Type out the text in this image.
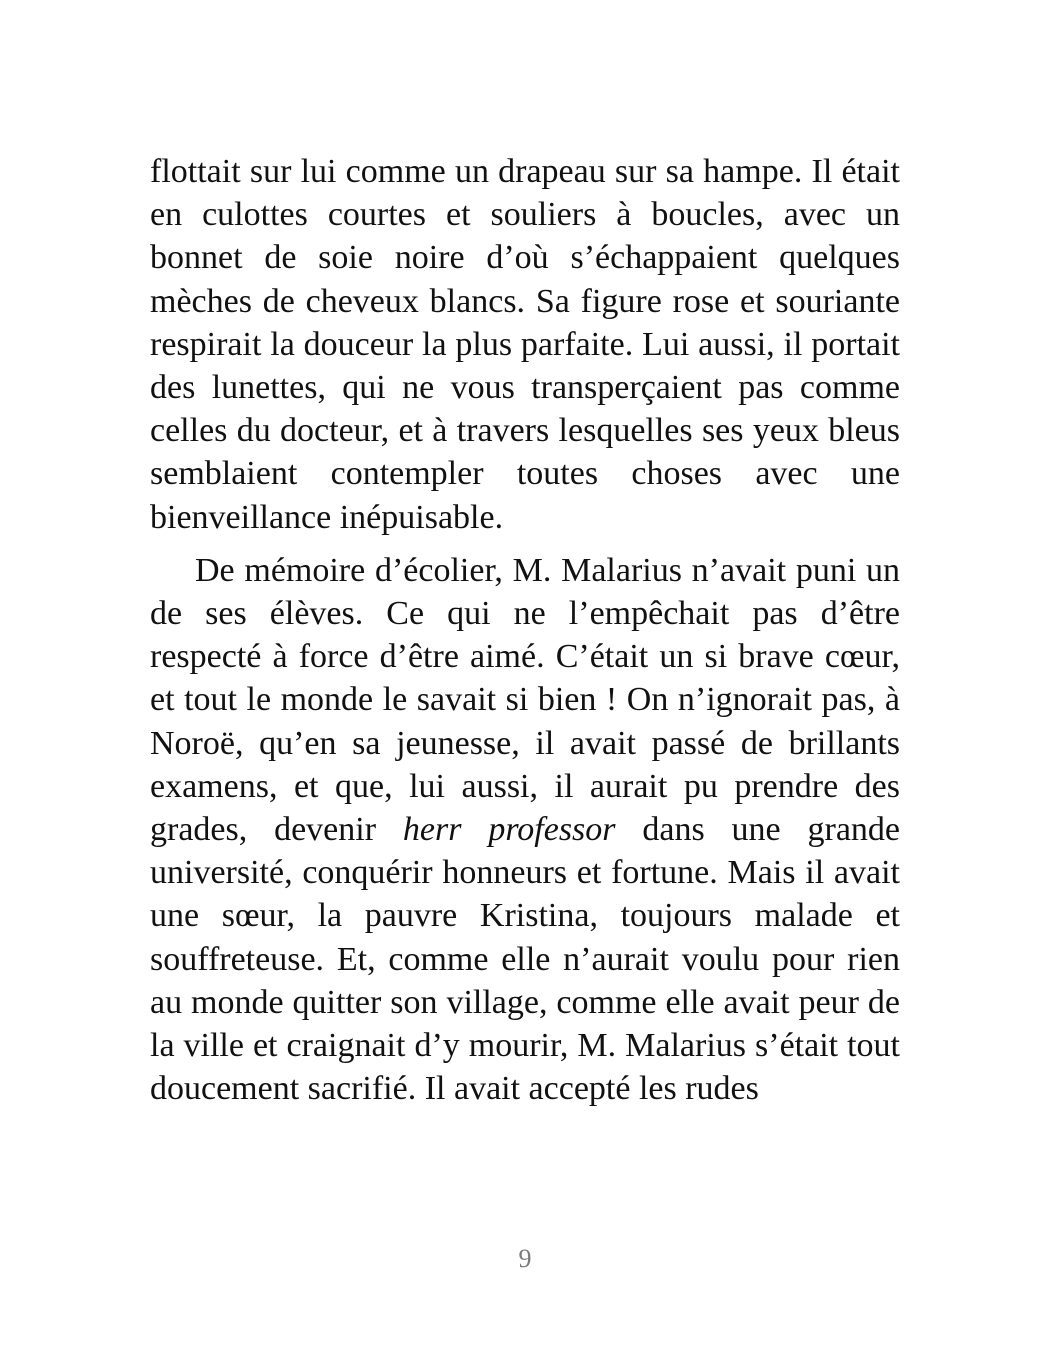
flottait sur lui comme un drapeau sur sa hampe. Il était en culottes courtes et souliers à boucles, avec un bonnet de soie noire d’où s’échappaient quelques mèches de cheveux blancs. Sa figure rose et souriante respirait la douceur la plus parfaite. Lui aussi, il portait des lunettes, qui ne vous transperçaient pas comme celles du docteur, et à travers lesquelles ses yeux bleus semblaient contempler toutes choses avec une bienveillance inépuisable.

De mémoire d’écolier, M. Malarius n’avait puni un de ses élèves. Ce qui ne l’empêchait pas d’être respecté à force d’être aimé. C’était un si brave cœur, et tout le monde le savait si bien ! On n’ignorait pas, à Noroë, qu’en sa jeunesse, il avait passé de brillants examens, et que, lui aussi, il aurait pu prendre des grades, devenir herr professor dans une grande université, conquérir honneurs et fortune. Mais il avait une sœur, la pauvre Kristina, toujours malade et souffreteuse. Et, comme elle n’aurait voulu pour rien au monde quitter son village, comme elle avait peur de la ville et craignait d’y mourir, M. Malarius s’était tout doucement sacrifié. Il avait accepté les rudes

9
